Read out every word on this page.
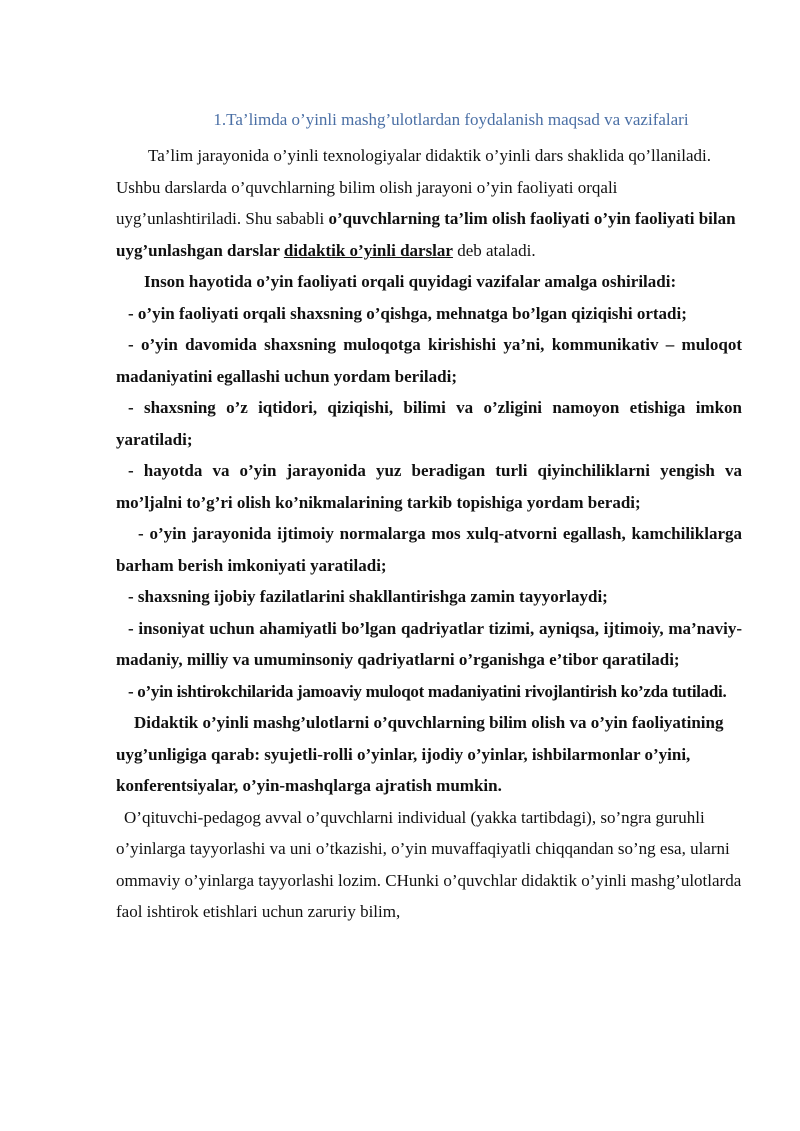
1.Ta’limda o’yinli mashg’ulotlardan foydalanish maqsad va vazifalari

Ta’lim jarayonida o’yinli texnologiyalar didaktik o’yinli dars shaklida qo’llaniladi. Ushbu darslarda o’quvchlarning bilim olish jarayoni o’yin faoliyati orqali uyg’unlashtiriladi. Shu sababli o’quvchlarning ta’lim olish faoliyati o’yin faoliyati bilan uyg’unlashgan darslar didaktik o’yinli darslar deb ataladi.

Inson hayotida o’yin faoliyati orqali quyidagi vazifalar amalga oshiriladi:

- o’yin faoliyati orqali shaxsning o’qishga, mehnatga bo’lgan qiziqishi ortadi;

- o’yin davomida shaxsning muloqotga kirishishi ya’ni, kommunikativ – muloqot madaniyatini egallashi uchun yordam beriladi;

- shaxsning o’z iqtidori, qiziqishi, bilimi va o’zligini namoyon etishiga imkon yaratiladi;

- hayotda va o’yin jarayonida yuz beradigan turli qiyinchiliklarni yengish va mo’ljalni to’g’ri olish ko’nikmalarining tarkib topishiga yordam beradi;

- o’yin jarayonida ijtimoiy normalarga mos xulq-atvorni egallash, kamchiliklarga barham berish imkoniyati yaratiladi;

- shaxsning ijobiy fazilatlarini shakllantirishga zamin tayyorlaydi;

- insoniyat uchun ahamiyatli bo’lgan qadriyatlar tizimi, ayniqsa, ijtimoiy, ma’naviy-madaniy, milliy va umuminsoniy qadriyatlarni o’rganishga e’tibor qaratiladi;

- o’yin ishtirokchilarida jamoaviy muloqot madaniyatini rivojlantirish ko’zda tutiladi.

Didaktik o’yinli mashg’ulotlarni o’quvchlarning bilim olish va o’yin faoliyatining uyg’unligiga qarab: syujetli-rolli o’yinlar, ijodiy o’yinlar, ishbilarmonlar o’yini, konferentsiyalar, o’yin-mashqlarga ajratish mumkin.

O’qituvchi-pedagog avval o’quvchlarni individual (yakka tartibdagi), so’ngra guruhli o’yinlarga tayyorlashi va uni o’tkazishi, o’yin muvaffaqiyatli chiqqandan so’ng esa, ularni ommaviy o’yinlarga tayyorlashi lozim. CHunki o’quvchlar didaktik o’yinli mashg’ulotlarda faol ishtirok etishlari uchun zaruriy bilim,
